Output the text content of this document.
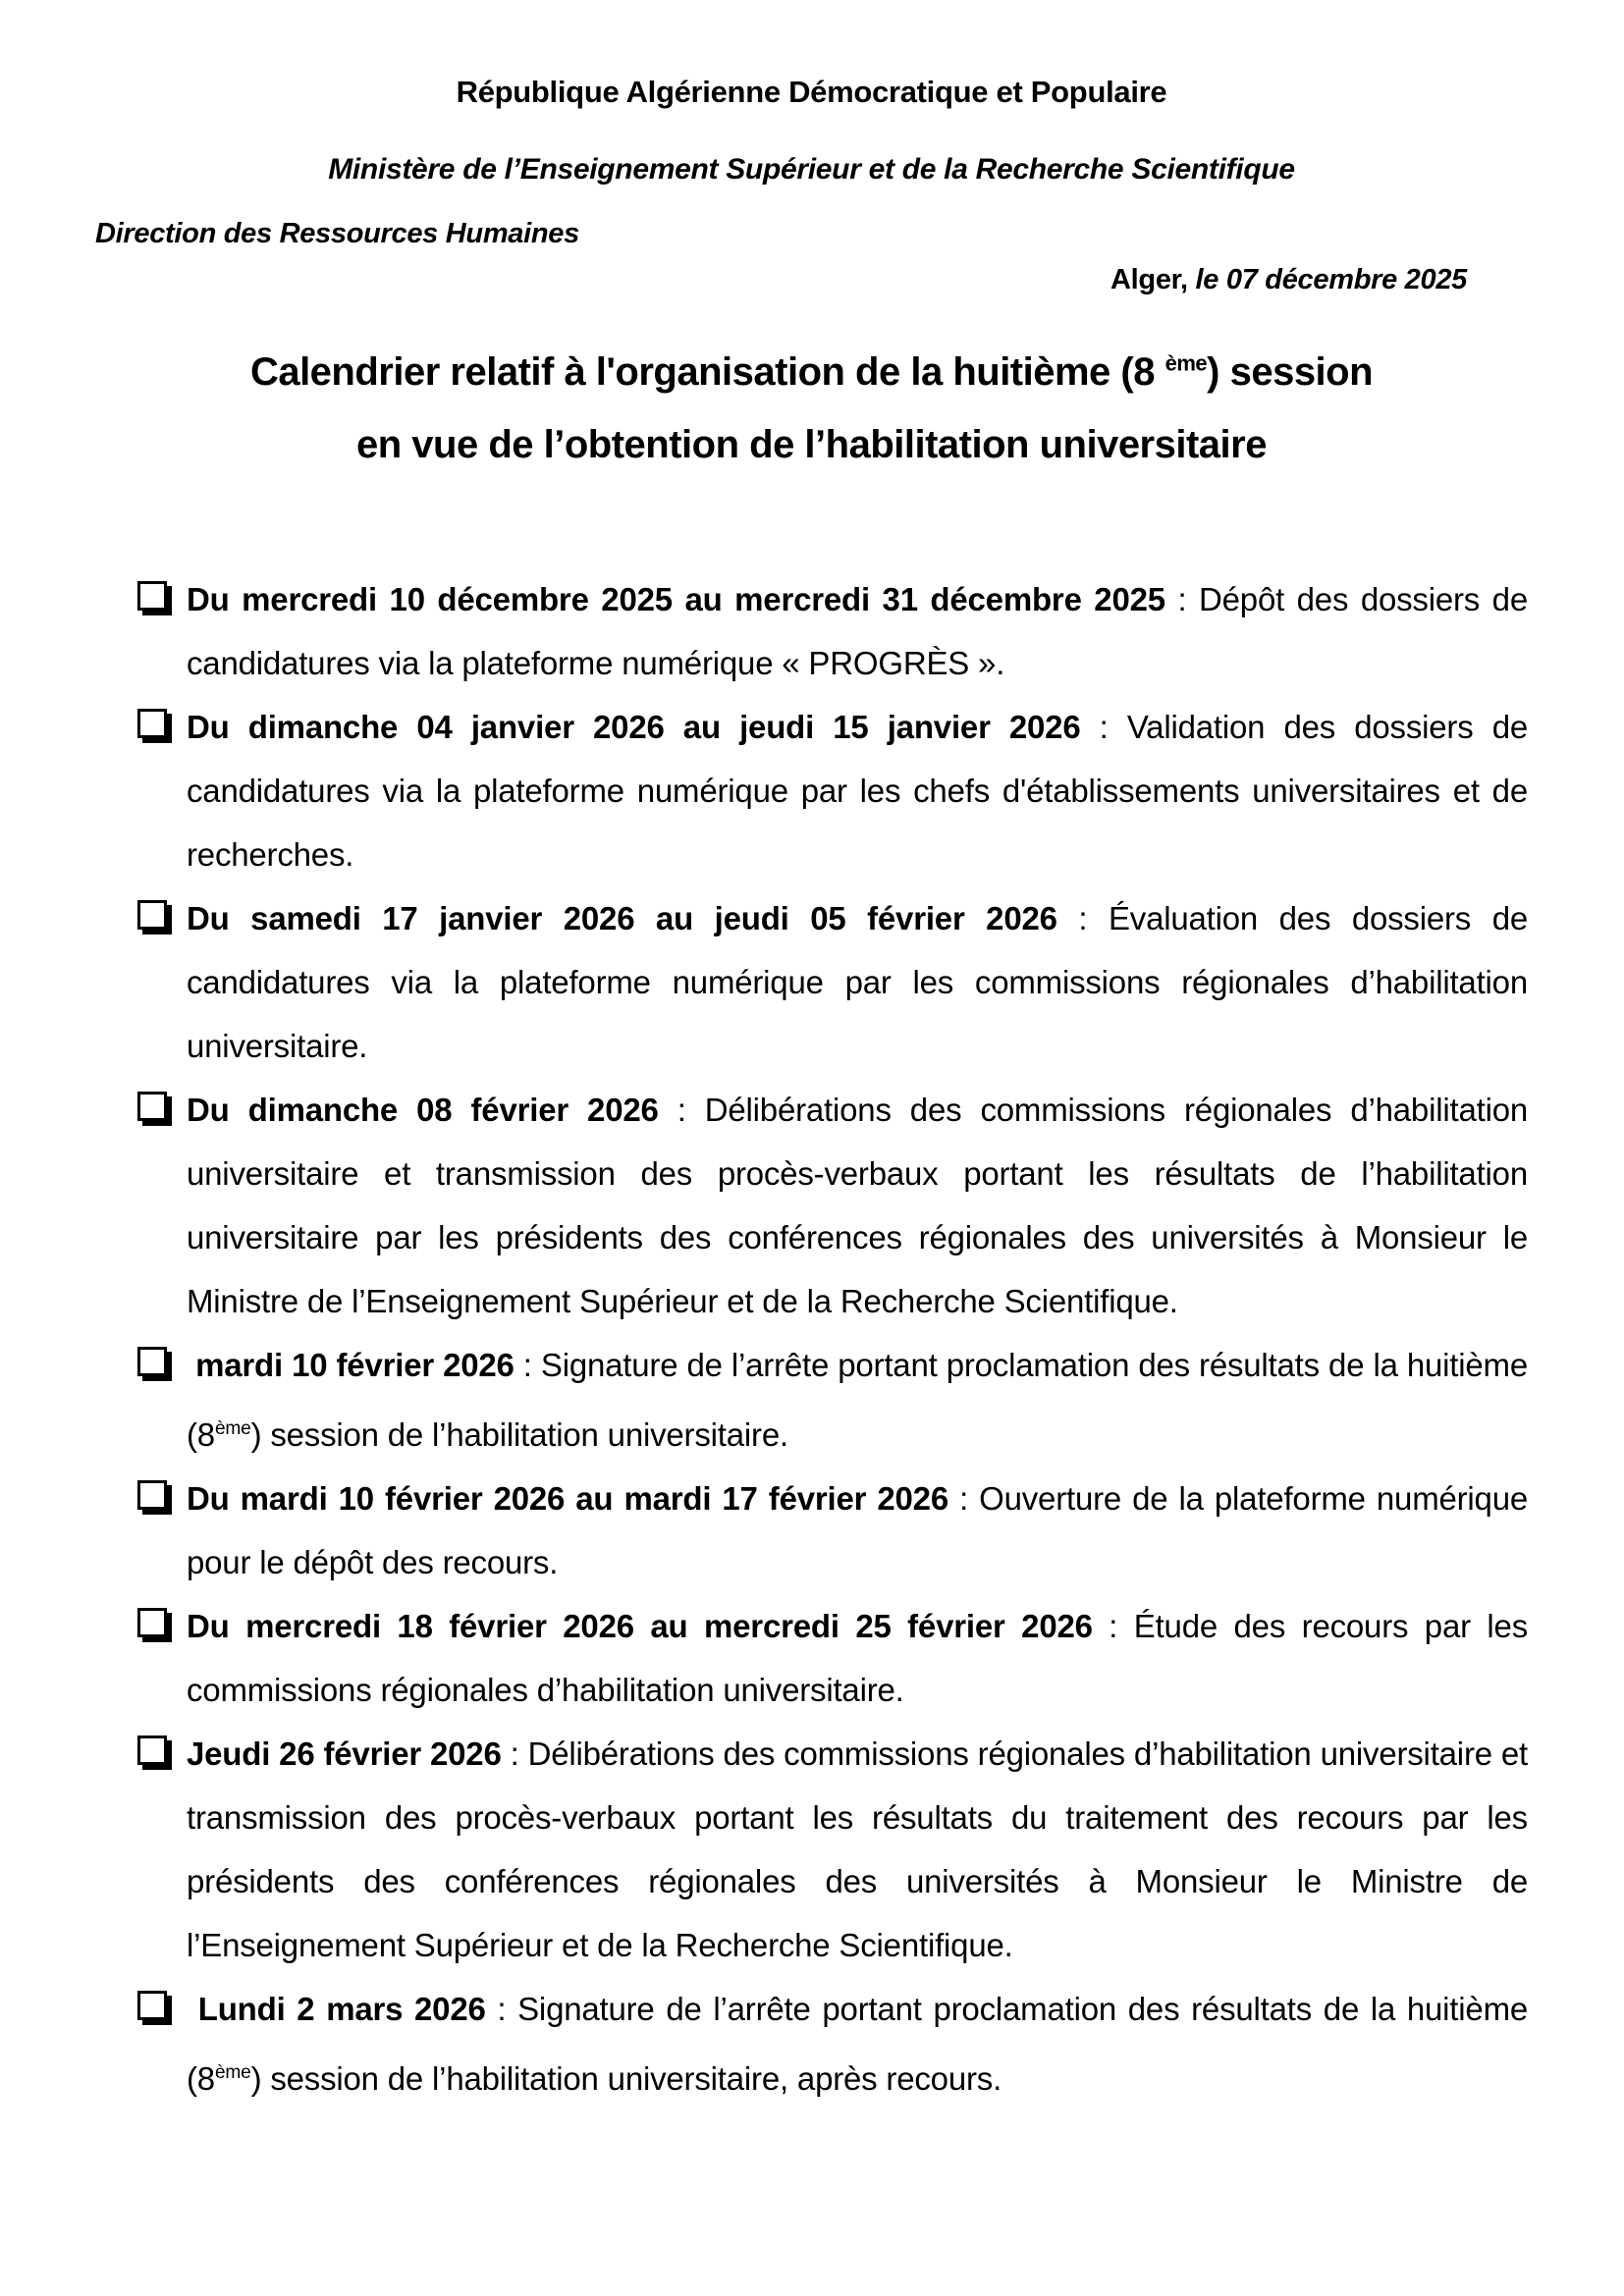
République Algérienne Démocratique et Populaire
Ministère de l’Enseignement Supérieur et de la Recherche Scientifique
Direction des Ressources Humaines
Alger, le 07 décembre 2025
Calendrier relatif à l'organisation de la huitième (8 $^{ème}$) session
en vue de l’obtention de l’habilitation universitaire
Du mercredi 10 décembre 2025 au mercredi 31 décembre 2025 : Dépôt des dossiers de candidatures via la plateforme numérique « PROGRÈS ».
Du dimanche 04 janvier 2026 au jeudi 15 janvier 2026 : Validation des dossiers de candidatures via la plateforme numérique par les chefs d'établissements universitaires et de recherches.
Du samedi 17 janvier 2026 au jeudi 05 février 2026 : Évaluation des dossiers de candidatures via la plateforme numérique par les commissions régionales d’habilitation universitaire.
Du dimanche 08 février 2026 : Délibérations des commissions régionales d’habilitation universitaire et transmission des procès-verbaux portant les résultats de l’habilitation universitaire par les présidents des conférences régionales des universités à Monsieur le Ministre de l’Enseignement Supérieur et de la Recherche Scientifique.
mardi 10 février 2026 : Signature de l’arrête portant proclamation des résultats de la huitième (8ème) session de l’habilitation universitaire.
Du mardi 10 février 2026 au mardi 17 février 2026 : Ouverture de la plateforme numérique pour le dépôt des recours.
Du mercredi 18 février 2026 au mercredi 25 février 2026 : Étude des recours par les commissions régionales d’habilitation universitaire.
Jeudi 26 février 2026 : Délibérations des commissions régionales d’habilitation universitaire et transmission des procès-verbaux portant les résultats du traitement des recours par les présidents des conférences régionales des universités à Monsieur le Ministre de l’Enseignement Supérieur et de la Recherche Scientifique.
Lundi 2 mars 2026 : Signature de l’arrête portant proclamation des résultats de la huitième (8ème) session de l’habilitation universitaire, après recours.
